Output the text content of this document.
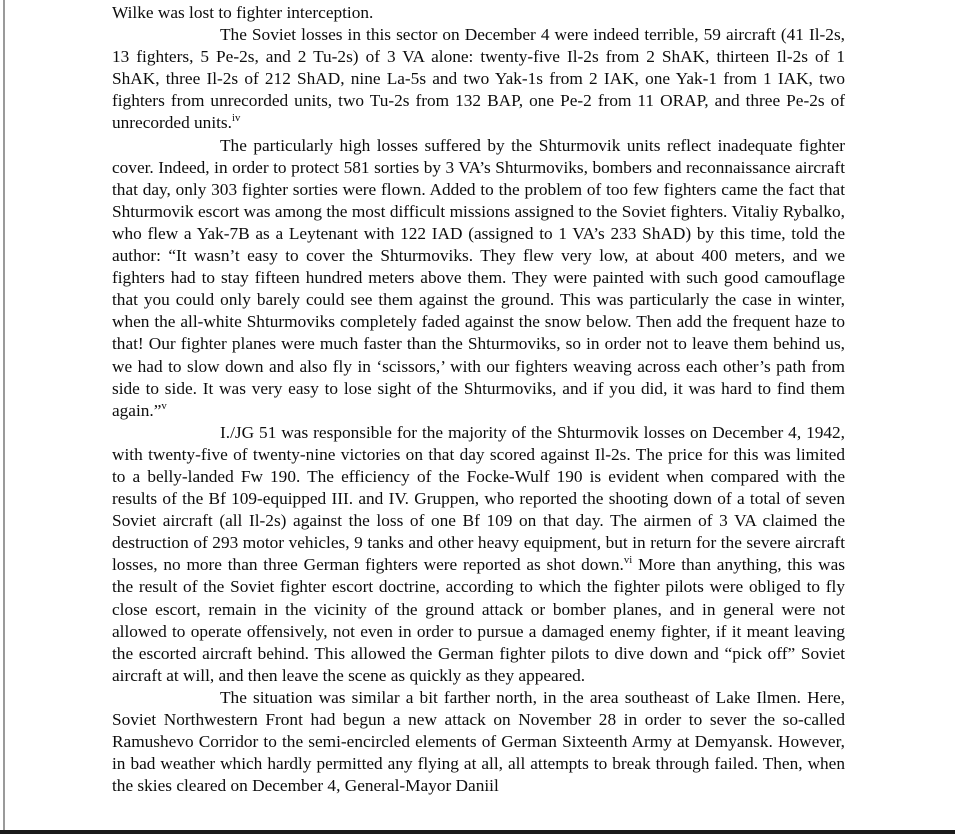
Wilke was lost to fighter interception.

The Soviet losses in this sector on December 4 were indeed terrible, 59 aircraft (41 Il-2s, 13 fighters, 5 Pe-2s, and 2 Tu-2s) of 3 VA alone: twenty-five Il-2s from 2 ShAK, thirteen Il-2s of 1 ShAK, three Il-2s of 212 ShAD, nine La-5s and two Yak-1s from 2 IAK, one Yak-1 from 1 IAK, two fighters from unrecorded units, two Tu-2s from 132 BAP, one Pe-2 from 11 ORAP, and three Pe-2s of unrecorded units.$^{iv}$

The particularly high losses suffered by the Shturmovik units reflect inadequate fighter cover. Indeed, in order to protect 581 sorties by 3 VA’s Shturmoviks, bombers and reconnaissance aircraft that day, only 303 fighter sorties were flown. Added to the problem of too few fighters came the fact that Shturmovik escort was among the most difficult missions assigned to the Soviet fighters. Vitaliy Rybalko, who flew a Yak-7B as a Leytenant with 122 IAD (assigned to 1 VA’s 233 ShAD) by this time, told the author: “It wasn’t easy to cover the Shturmoviks. They flew very low, at about 400 meters, and we fighters had to stay fifteen hundred meters above them. They were painted with such good camouflage that you could only barely could see them against the ground. This was particularly the case in winter, when the all-white Shturmoviks completely faded against the snow below. Then add the frequent haze to that! Our fighter planes were much faster than the Shturmoviks, so in order not to leave them behind us, we had to slow down and also fly in ‘scissors,’ with our fighters weaving across each other’s path from side to side. It was very easy to lose sight of the Shturmoviks, and if you did, it was hard to find them again.”$^v$

I./JG 51 was responsible for the majority of the Shturmovik losses on December 4, 1942, with twenty-five of twenty-nine victories on that day scored against Il-2s. The price for this was limited to a belly-landed Fw 190. The efficiency of the Focke-Wulf 190 is evident when compared with the results of the Bf 109-equipped III. and IV. Gruppen, who reported the shooting down of a total of seven Soviet aircraft (all Il-2s) against the loss of one Bf 109 on that day. The airmen of 3 VA claimed the destruction of 293 motor vehicles, 9 tanks and other heavy equipment, but in return for the severe aircraft losses, no more than three German fighters were reported as shot down.$^{vi}$ More than anything, this was the result of the Soviet fighter escort doctrine, according to which the fighter pilots were obliged to fly close escort, remain in the vicinity of the ground attack or bomber planes, and in general were not allowed to operate offensively, not even in order to pursue a damaged enemy fighter, if it meant leaving the escorted aircraft behind. This allowed the German fighter pilots to dive down and “pick off” Soviet aircraft at will, and then leave the scene as quickly as they appeared.

The situation was similar a bit farther north, in the area southeast of Lake Ilmen. Here, Soviet Northwestern Front had begun a new attack on November 28 in order to sever the so-called Ramushevo Corridor to the semi-encircled elements of German Sixteenth Army at Demyansk. However, in bad weather which hardly permitted any flying at all, all attempts to break through failed. Then, when the skies cleared on December 4, General-Mayor Daniil
